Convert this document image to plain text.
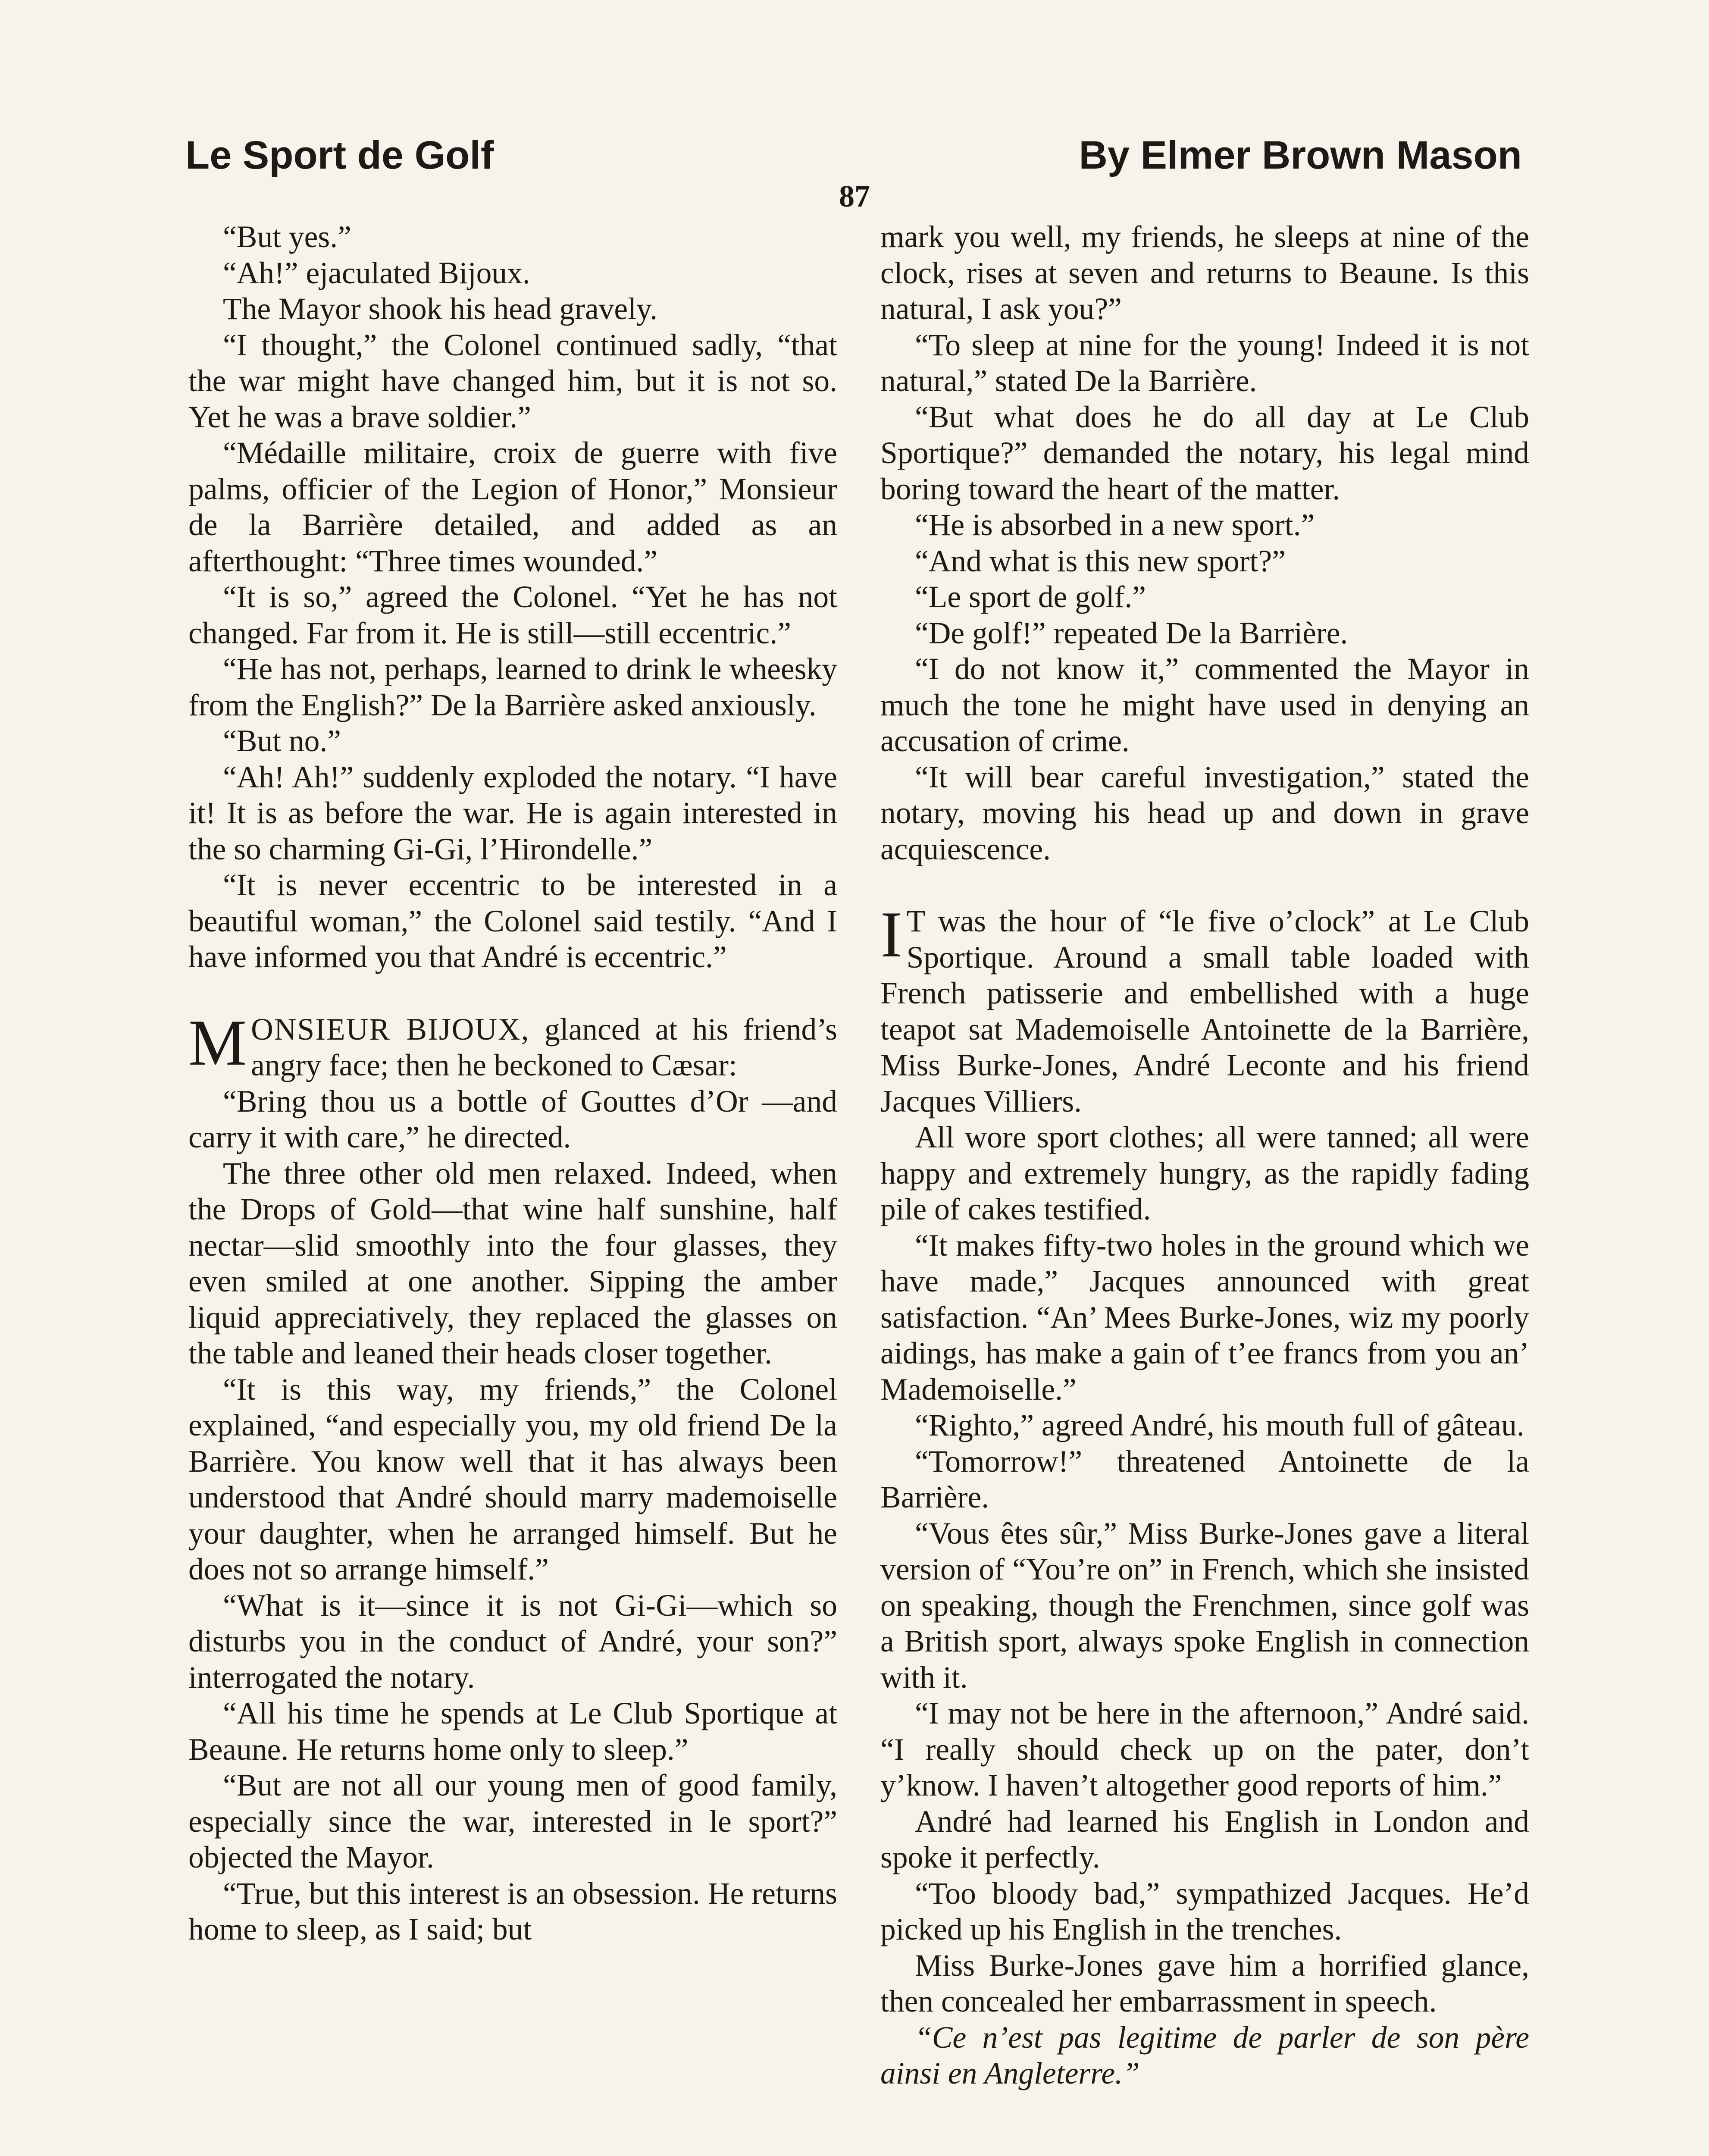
Le Sport de Golf	By Elmer Brown Mason
87

“But yes.”

“Ah!” ejaculated Bijoux.

The Mayor shook his head gravely.

“I thought,” the Colonel continued sadly, “that the war might have changed him, but it is not so. Yet he was a brave soldier.”

“Médaille militaire, croix de guerre with five palms, officier of the Legion of Honor,” Monsieur de la Barrière detailed, and added as an afterthought: “Three times wounded.”

“It is so,” agreed the Colonel. “Yet he has not changed. Far from it. He is still—still eccentric.”

“He has not, perhaps, learned to drink le wheesky from the English?” De la Barrière asked anxiously.

“But no.”

“Ah! Ah!” suddenly exploded the notary. “I have it! It is as before the war. He is again interested in the so charming Gi-Gi, l’Hirondelle.”

“It is never eccentric to be interested in a beautiful woman,” the Colonel said testily. “And I have informed you that André is eccentric.”

MONSIEUR BIJOUX, glanced at his friend’s angry face; then he beckoned to Cæsar:

“Bring thou us a bottle of Gouttes d’Or —and carry it with care,” he directed.

The three other old men relaxed. Indeed, when the Drops of Gold—that wine half sunshine, half nectar—slid smoothly into the four glasses, they even smiled at one another. Sipping the amber liquid appreciatively, they replaced the glasses on the table and leaned their heads closer together.

“It is this way, my friends,” the Colonel explained, “and especially you, my old friend De la Barrière. You know well that it has always been understood that André should marry mademoiselle your daughter, when he arranged himself. But he does not so arrange himself.”

“What is it—since it is not Gi-Gi—which so disturbs you in the conduct of André, your son?” interrogated the notary.

“All his time he spends at Le Club Sportique at Beaune. He returns home only to sleep.”

“But are not all our young men of good family, especially since the war, interested in le sport?” objected the Mayor.

“True, but this interest is an obsession. He returns home to sleep, as I said; but

mark you well, my friends, he sleeps at nine of the clock, rises at seven and returns to Beaune. Is this natural, I ask you?”

“To sleep at nine for the young! Indeed it is not natural,” stated De la Barrière.

“But what does he do all day at Le Club Sportique?” demanded the notary, his legal mind boring toward the heart of the matter.

“He is absorbed in a new sport.”

“And what is this new sport?”

“Le sport de golf.”

“De golf!” repeated De la Barrière.

“I do not know it,” commented the Mayor in much the tone he might have used in denying an accusation of crime.

“It will bear careful investigation,” stated the notary, moving his head up and down in grave acquiescence.

I T was the hour of “le five o’clock” at Le Club Sportique. Around a small table loaded with French patisserie and embellished with a huge teapot sat Mademoiselle Antoinette de la Barrière, Miss Burke-Jones, André Leconte and his friend Jacques Villiers.

All wore sport clothes; all were tanned; all were happy and extremely hungry, as the rapidly fading pile of cakes testified.

“It makes fifty-two holes in the ground which we have made,” Jacques announced with great satisfaction. “An’ Mees Burke-Jones, wiz my poorly aidings, has make a gain of t’ee francs from you an’ Mademoiselle.”

“Righto,” agreed André, his mouth full of gâteau.

“Tomorrow!” threatened Antoinette de la Barrière.

“Vous êtes sûr,” Miss Burke-Jones gave a literal version of “You’re on” in French, which she insisted on speaking, though the Frenchmen, since golf was a British sport, always spoke English in connection with it.

“I may not be here in the afternoon,” André said. “I really should check up on the pater, don’t y’know. I haven’t altogether good reports of him.”

André had learned his English in London and spoke it perfectly.

“Too bloody bad,” sympathized Jacques. He’d picked up his English in the trenches.

Miss Burke-Jones gave him a horrified glance, then concealed her embarrassment in speech.

“Ce n’est pas legitime de parler de son père ainsi en Angleterre.”
